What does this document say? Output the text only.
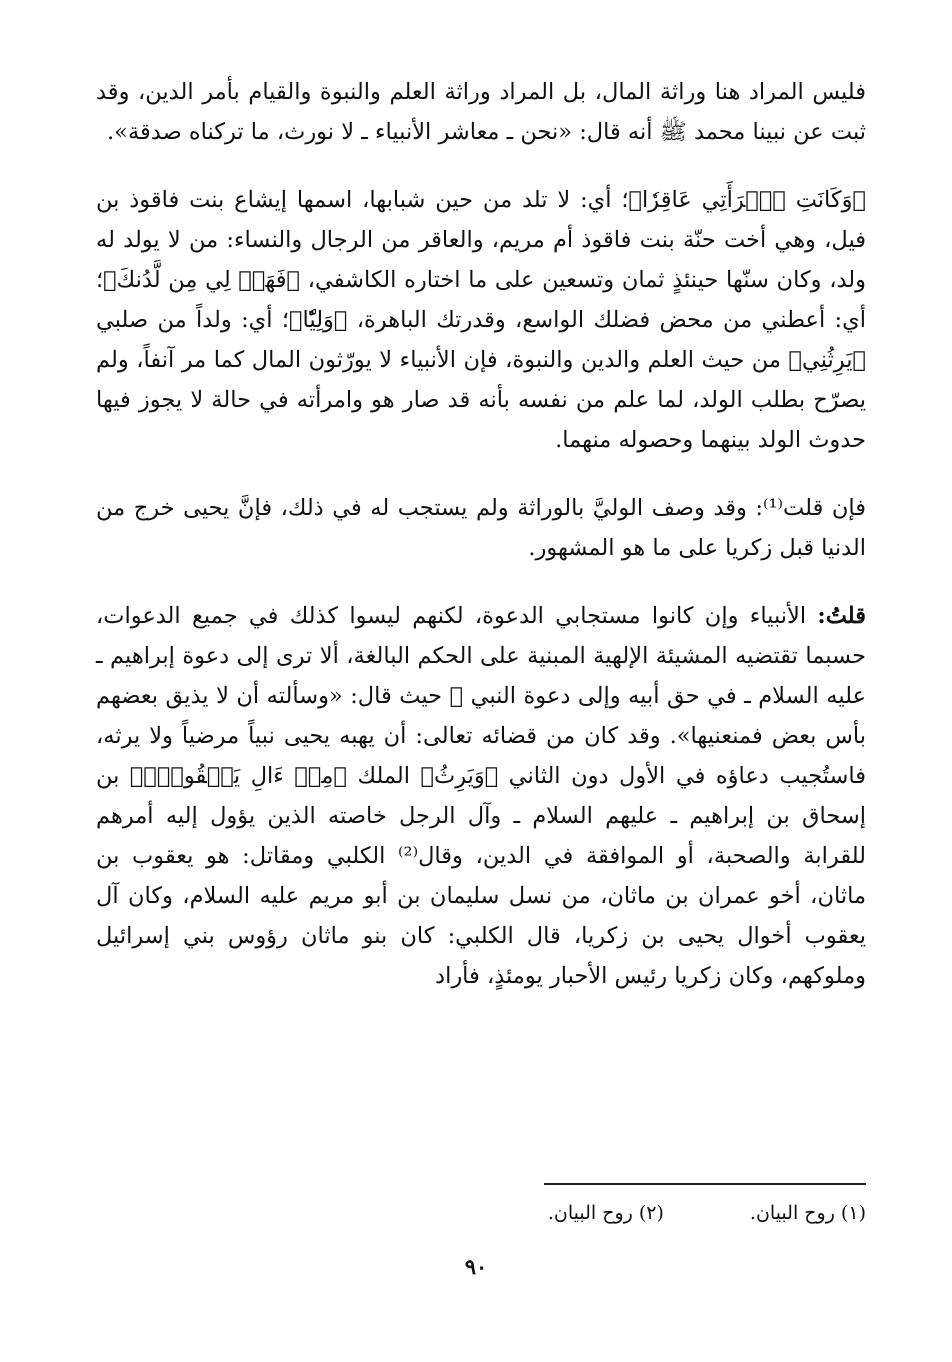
فليس المراد هنا وراثة المال، بل المراد وراثة العلم والنبوة والقيام بأمر الدين، وقد ثبت عن نبينا محمد ﷺ أنه قال: «نحن ـ معاشر الأنبياء ـ لا نورث، ما تركناه صدقة».

﴿وَكَانَتِ ٱمۡرَأَتِي عَاقِرٗا﴾؛ أي: لا تلد من حين شبابها، اسمها إيشاع بنت فاقوذ بن فيل، وهي أخت حنّة بنت فاقوذ أم مريم، والعاقر من الرجال والنساء: من لا يولد له ولد، وكان سنّها حينئذٍ ثمان وتسعين على ما اختاره الكاشفي، ﴿فَهَبۡ لِي مِن لَّدُنكَ﴾؛ أي: أعطني من محض فضلك الواسع، وقدرتك الباهرة، ﴿وَلِيّٗا﴾؛ أي: ولداً من صلبي ﴿يَرِثُنِي﴾ من حيث العلم والدين والنبوة، فإن الأنبياء لا يورّثون المال كما مر آنفاً، ولم يصرّح بطلب الولد، لما علم من نفسه بأنه قد صار هو وامرأته في حالة لا يجوز فيها حدوث الولد بينهما وحصوله منهما.

فإن قلت⁽¹⁾: وقد وصف الوليَّ بالوراثة ولم يستجب له في ذلك، فإنَّ يحيى خرج من الدنيا قبل زكريا على ما هو المشهور.

قلتُ: الأنبياء وإن كانوا مستجابي الدعوة، لكنهم ليسوا كذلك في جميع الدعوات، حسبما تقتضيه المشيئة الإلهية المبنية على الحكم البالغة، ألا ترى إلى دعوة إبراهيم ـ عليه السلام ـ في حق أبيه وإلى دعوة النبي ﷺ حيث قال: «وسألته أن لا يذيق بعضهم بأس بعض فمنعنيها». وقد كان من قضائه تعالى: أن يهبه يحيى نبياً مرضياً ولا يرثه، فاستُجيب دعاؤه في الأول دون الثاني ﴿وَيَرِثُ﴾ الملك ﴿مِنۡ ءَالِ يَعۡقُوبَۖ﴾ بن إسحاق بن إبراهيم ـ عليهم السلام ـ وآل الرجل خاصته الذين يؤول إليه أمرهم للقرابة والصحبة، أو الموافقة في الدين، وقال⁽²⁾ الكلبي ومقاتل: هو يعقوب بن ماثان، أخو عمران بن ماثان، من نسل سليمان بن أبو مريم عليه السلام، وكان آل يعقوب أخوال يحيى بن زكريا، قال الكلبي: كان بنو ماثان رؤوس بني إسرائيل وملوكهم، وكان زكريا رئيس الأحبار يومئذٍ، فأراد

(١) روح البيان.
(٢) روح البيان.
٩٠
